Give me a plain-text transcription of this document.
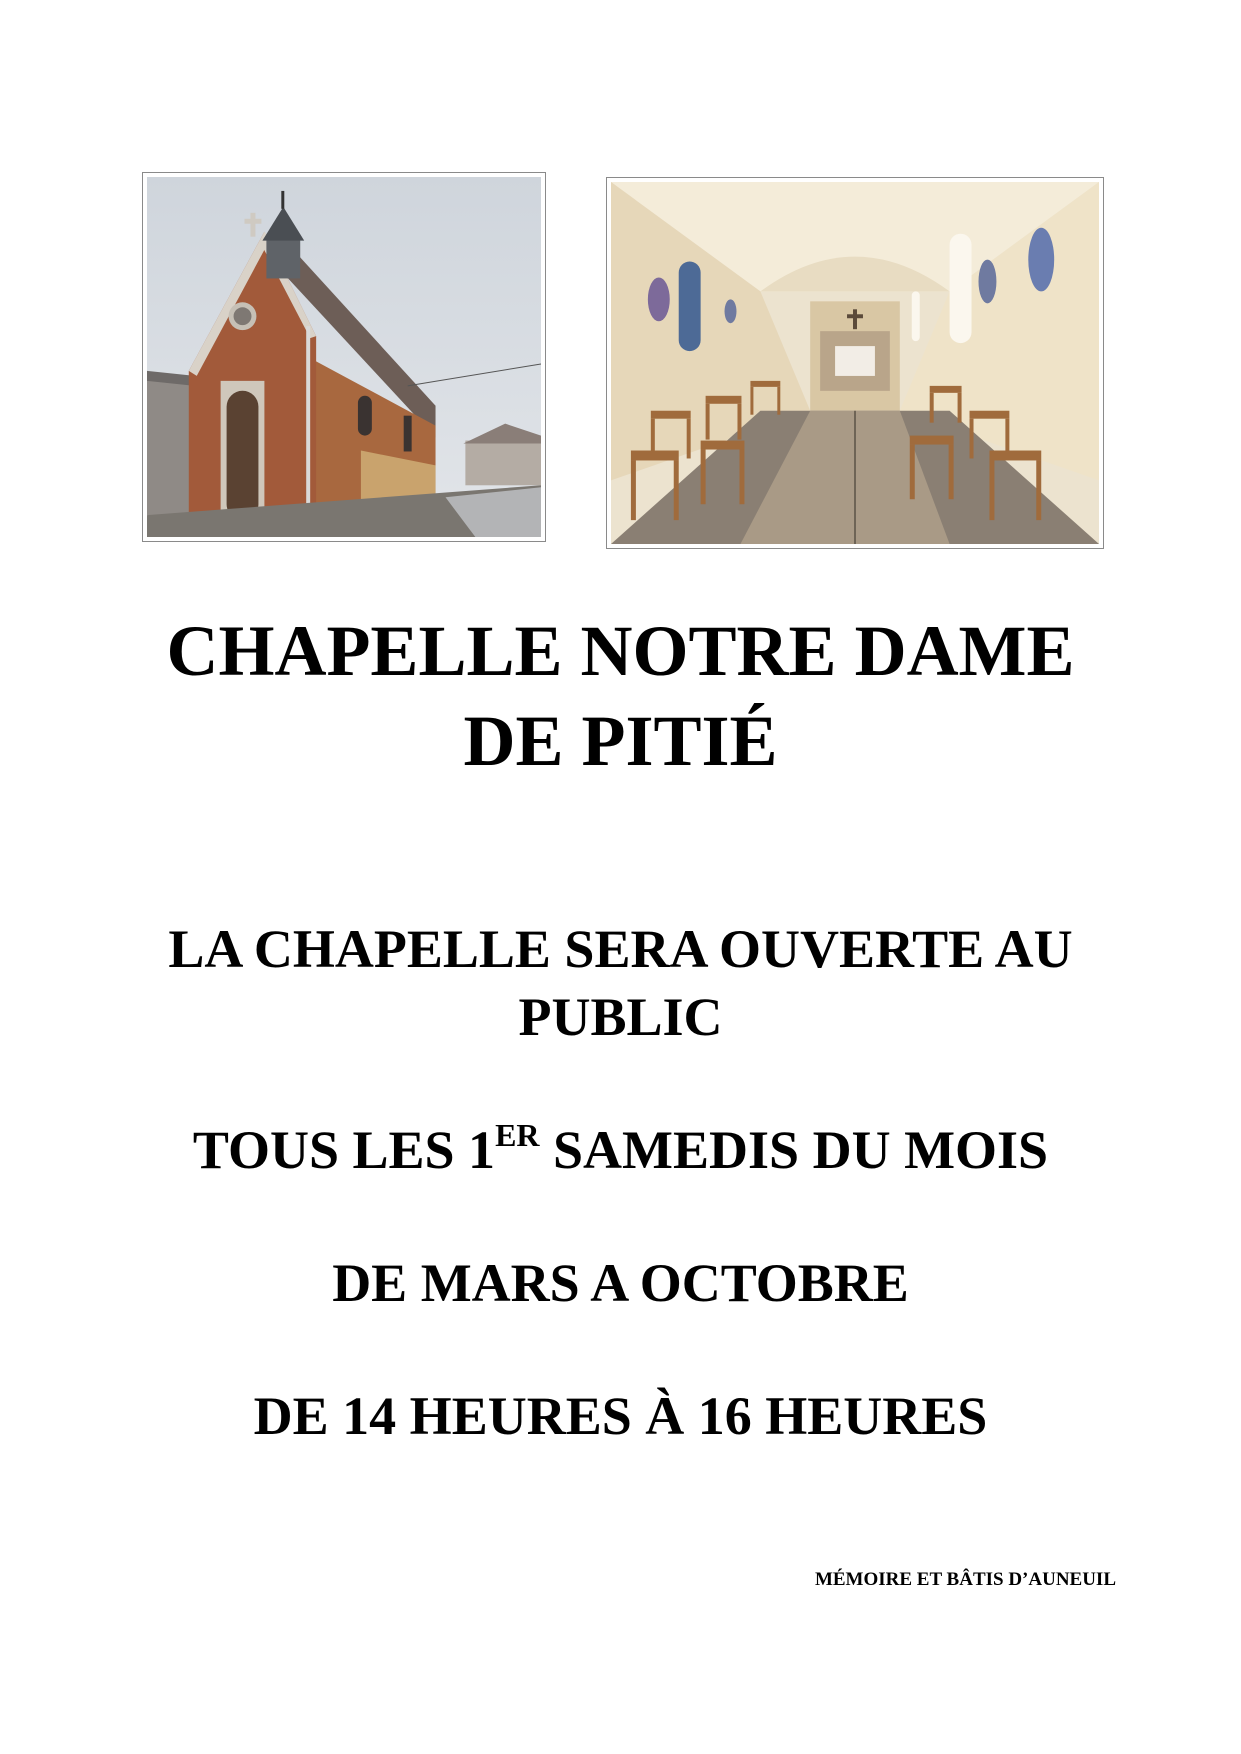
CHAPELLE NOTRE DAME
DE PITIÉ

LA CHAPELLE SERA OUVERTE AU

PUBLIC

TOUS LES 1ER SAMEDIS DU MOIS

DE MARS A OCTOBRE

DE 14 HEURES À 16 HEURES

MÉMOIRE ET BÂTIS D’AUNEUIL
